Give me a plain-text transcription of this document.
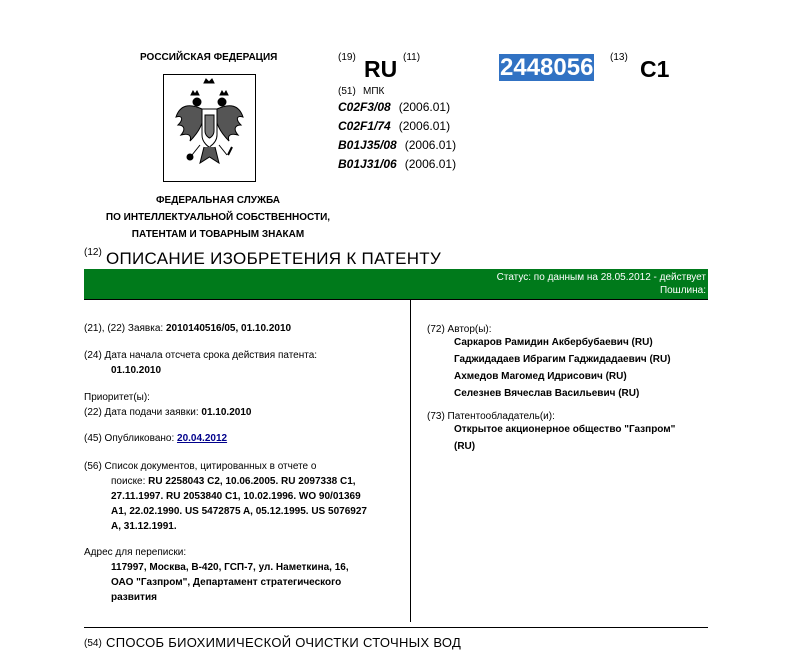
РОССИЙСКАЯ ФЕДЕРАЦИЯ
ФЕДЕРАЛЬНАЯ СЛУЖБА
ПО ИНТЕЛЛЕКТУАЛЬНОЙ СОБСТВЕННОСТИ,
ПАТЕНТАМ И ТОВАРНЫМ ЗНАКАМ
(19) RU (11)	2448056 (13) C1
(51) МПК
C02F3/08 (2006.01)
C02F1/74 (2006.01)
B01J35/08 (2006.01)
B01J31/06 (2006.01)
(12) ОПИСАНИЕ ИЗОБРЕТЕНИЯ К ПАТЕНТУ
Статус: по данным на 28.05.2012 - действует
Пошлина:
(21), (22) Заявка: 2010140516/05, 01.10.2010
(24) Дата начала отсчета срока действия патента:
01.10.2010
Приоритет(ы):
(22) Дата подачи заявки: 01.10.2010
(45) Опубликовано: 20.04.2012
(56) Список документов, цитированных в отчете о
поиске: RU 2258043 C2, 10.06.2005. RU 2097338 C1,
27.11.1997. RU 2053840 C1, 10.02.1996. WO 90/01369
A1, 22.02.1990. US 5472875 A, 05.12.1995. US 5076927
A, 31.12.1991.
Адрес для переписки:
117997, Москва, В-420, ГСП-7, ул. Наметкина, 16,
ОАО "Газпром", Департамент стратегического
развития
(72) Автор(ы):
Саркаров Рамидин Акбербубаевич (RU)
Гаджидадаев Ибрагим Гаджидадаевич (RU)
Ахмедов Магомед Идрисович (RU)
Селезнев Вячеслав Васильевич (RU)
(73) Патентообладатель(и):
Открытое акционерное общество "Газпром"
(RU)
(54) СПОСОБ БИОХИМИЧЕСКОЙ ОЧИСТКИ СТОЧНЫХ ВОД
